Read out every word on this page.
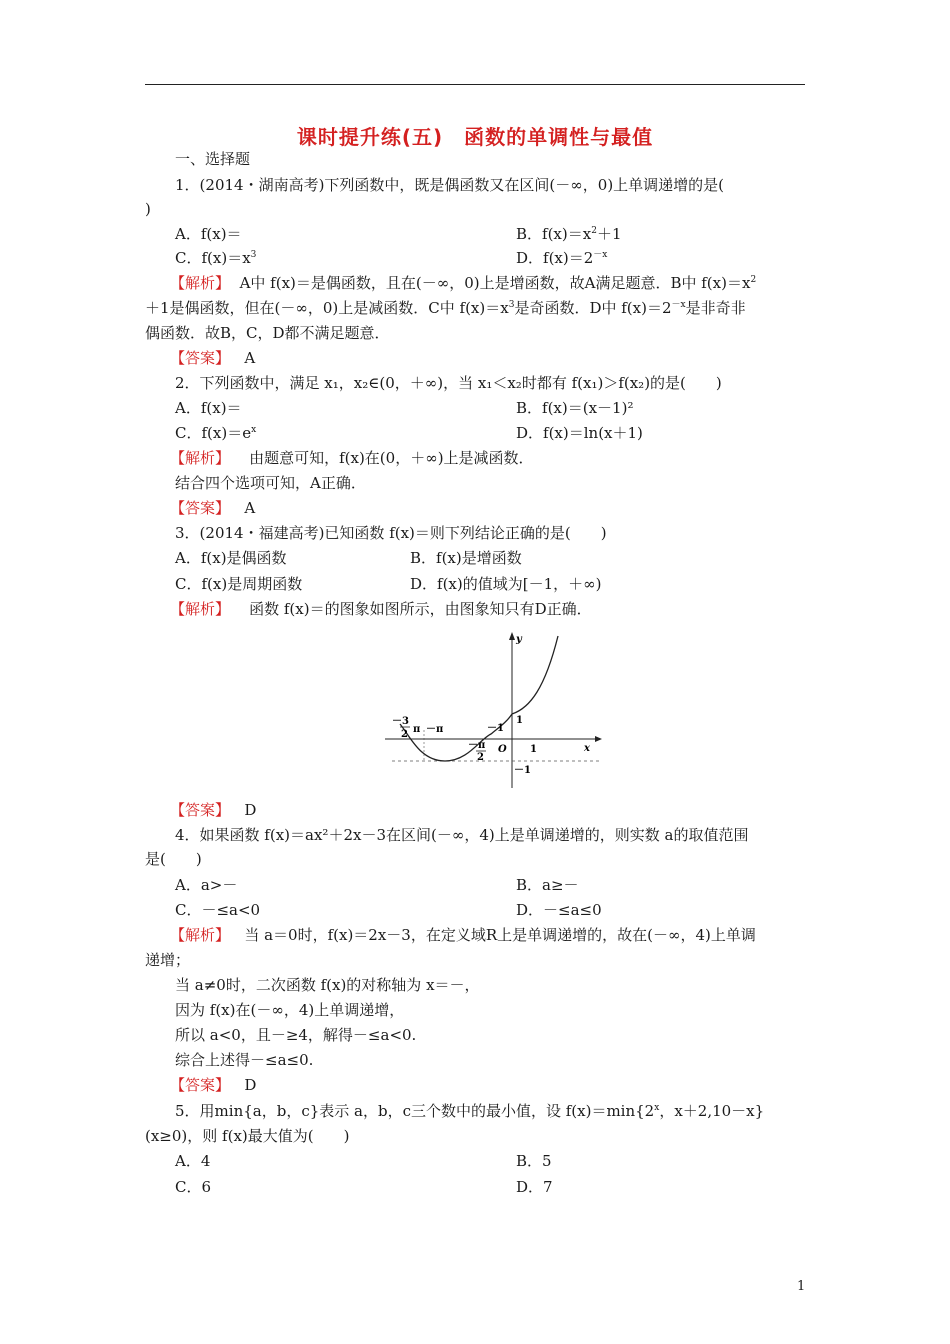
课时提升练(五)　函数的单调性与最值
一、选择题
1．(2014・湖南高考)下列函数中，既是偶函数又在区间(－∞，0)上单调递增的是(
)
A．f(x)＝	B．$f(x)=x^2+1$
C．$f(x)=x^3$	D．$f(x)=2^{-x}$
【解析】 A中 f(x)＝是偶函数，且在(－∞，0)上是增函数，故A满足题意．B中 $f(x)=x^2$
＋1是偶函数，但在(－∞，0)上是减函数．C中 $f(x)=x^3$是奇函数．D中 $f(x)=2^{-x}$是非奇非
偶函数．故B，C，D都不满足题意．
【答案】 A
2．下列函数中，满足 x₁，x₂∈(0，＋∞)，当 x₁＜x₂时都有 f(x₁)＞f(x₂)的是(　　)
A．f(x)＝	B．f(x)＝(x－1)²
C．$f(x)=e^x$	D．f(x)＝ln(x＋1)
【解析】 由题意可知，f(x)在(0，＋∞)上是减函数．
结合四个选项可知，A正确．
【答案】 A
3．(2014・福建高考)已知函数 f(x)＝则下列结论正确的是(　　)
A．f(x)是偶函数	B．f(x)是增函数
C．f(x)是周期函数	D．f(x)的值域为[－1，＋∞)
【解析】 函数 f(x)＝的图象如图所示，由图象知只有D正确．
y
x
O
1
1
－1
－1
－π
－3
2 π
－π
2
【答案】 D
4．如果函数 f(x)＝ax²＋2x－3在区间(－∞，4)上是单调递增的，则实数 a的取值范围
是(　　)
A．a>－	B．a≥－
C．－≤a<0	D．－≤a≤0
【解析】 当 a＝0时，f(x)＝2x－3，在定义域R上是单调递增的，故在(－∞，4)上单调
递增；
当 a≠0时，二次函数 f(x)的对称轴为 x＝－，
因为 f(x)在(－∞，4)上单调递增，
所以 a<0，且－≥4，解得－≤a<0.
综合上述得－≤a≤0.
【答案】 D
5．用min{a，b，c}表示 a，b，c三个数中的最小值，设 $f(x)=\min\{2^x$，x＋2,10－x}
(x≥0)，则 f(x)最大值为(　　)
A．4	B．5
C．6	D．7
1
